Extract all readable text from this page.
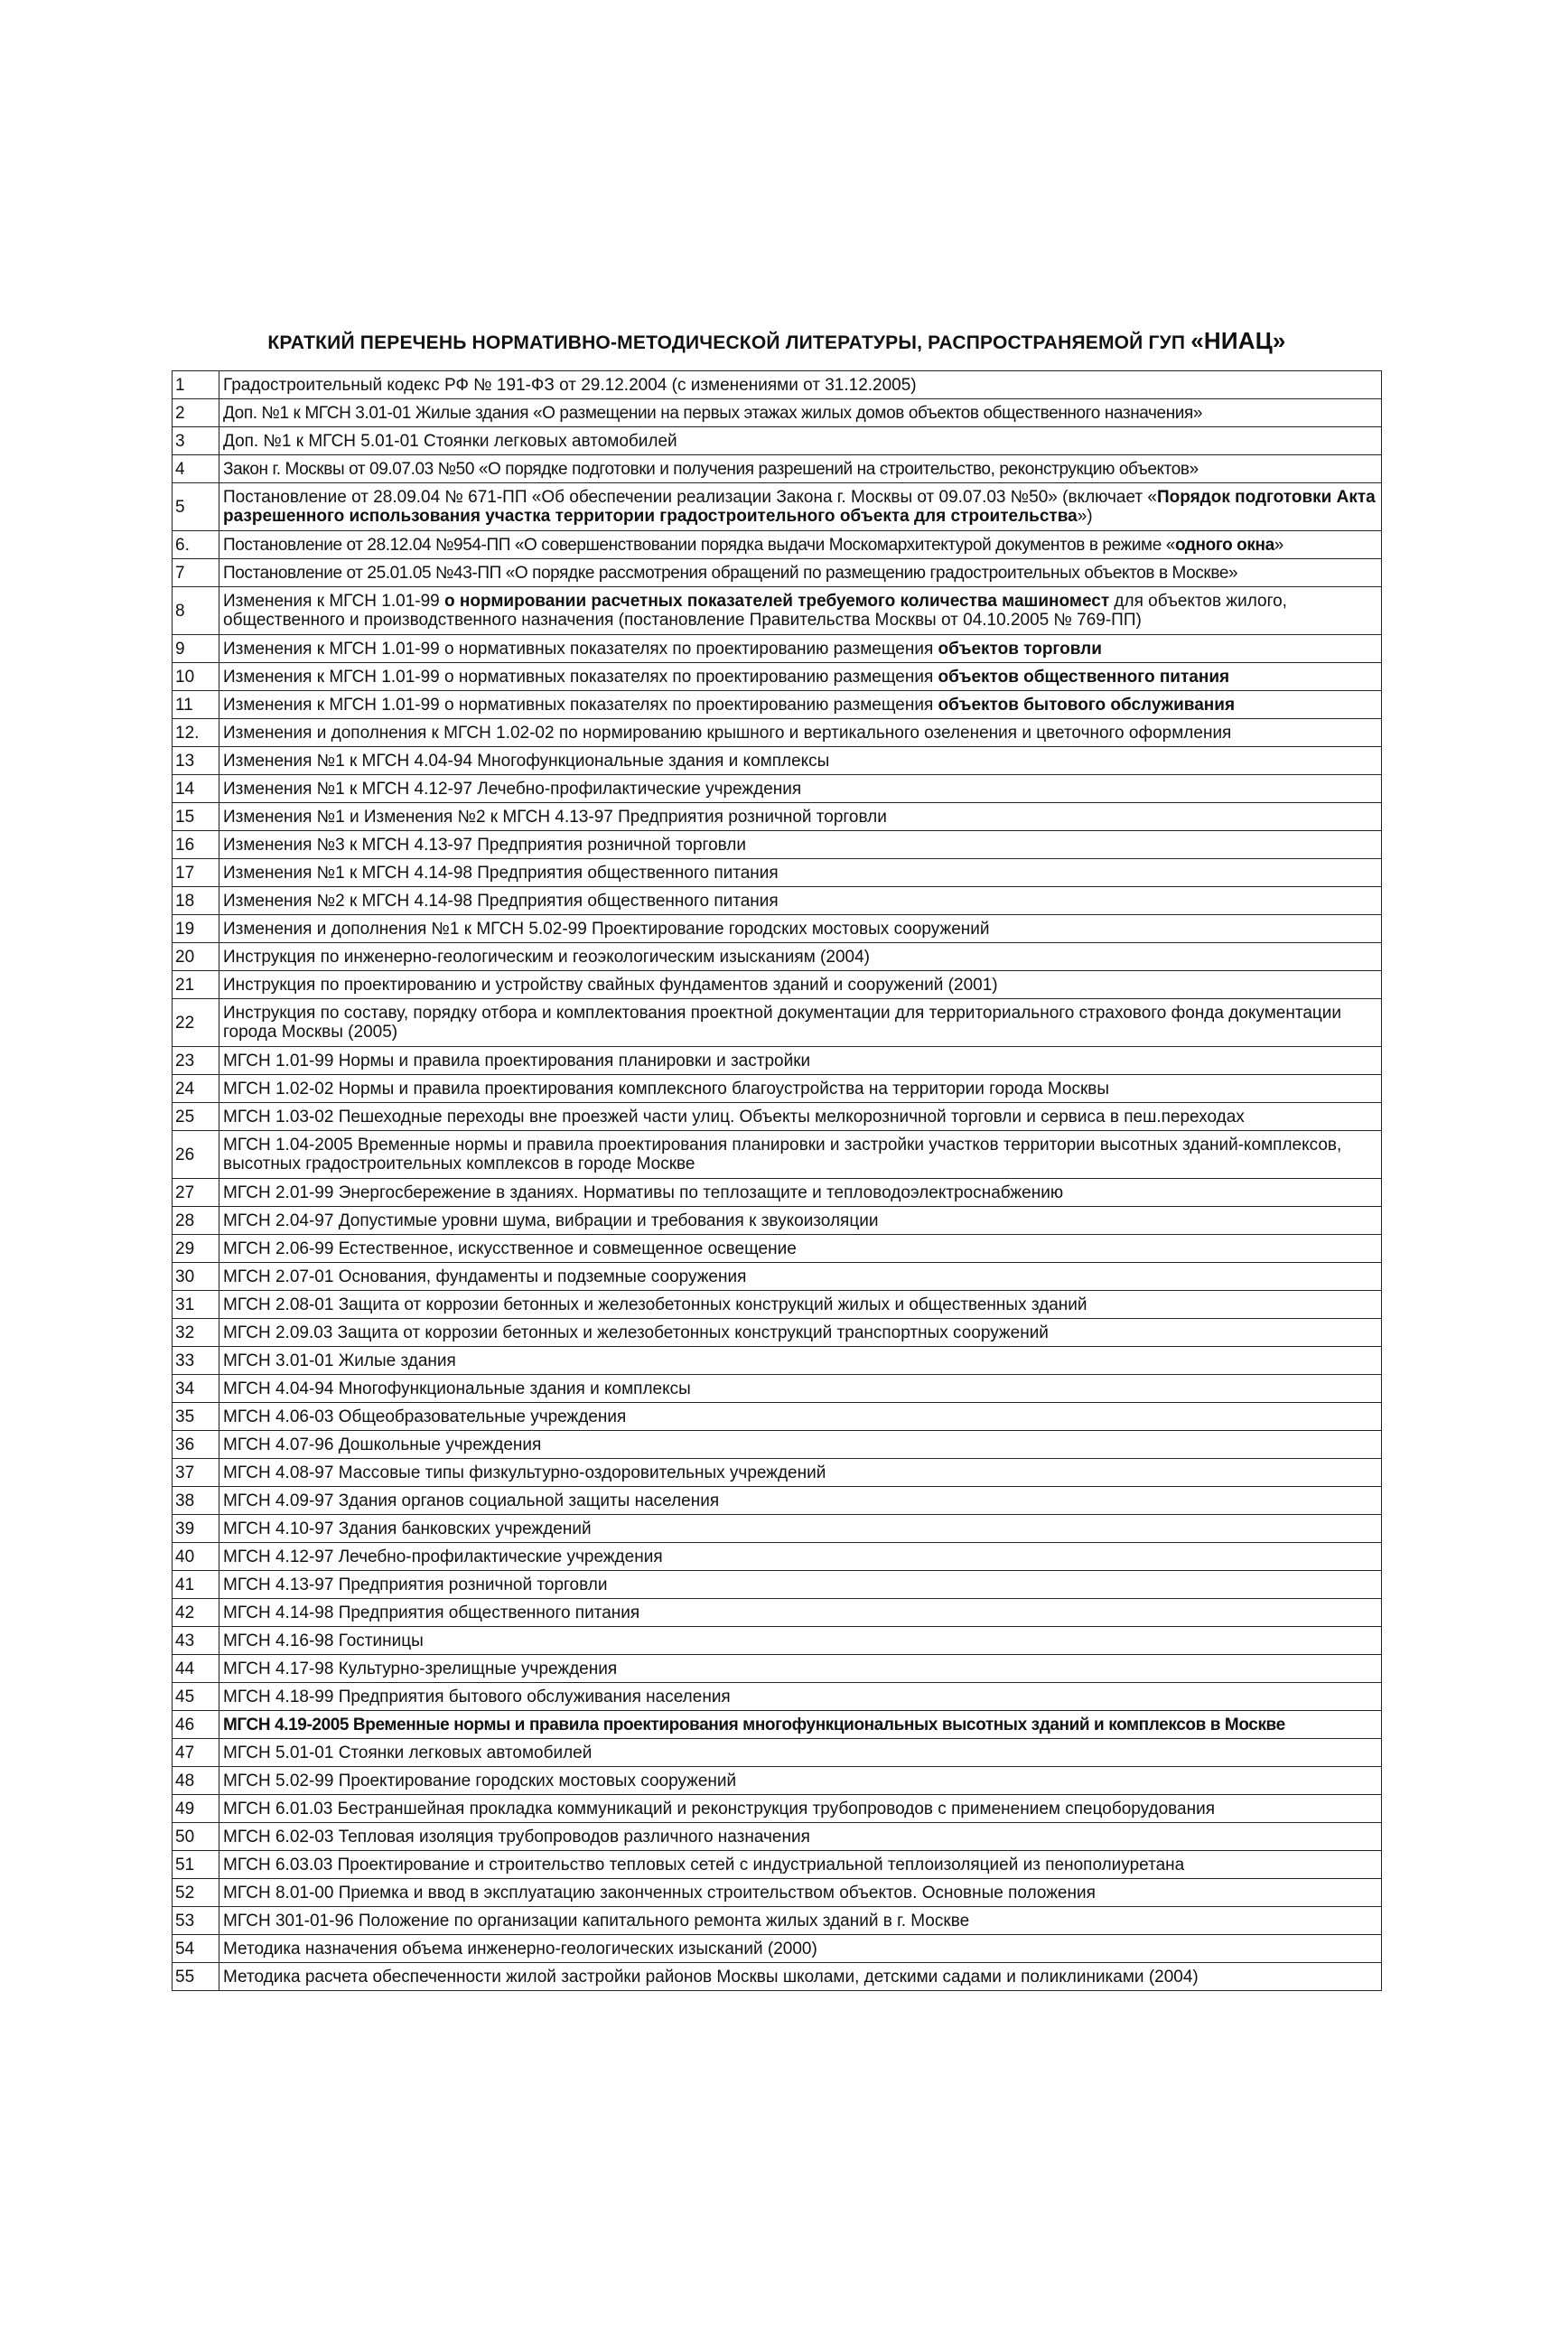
КРАТКИЙ ПЕРЕЧЕНЬ НОРМАТИВНО-МЕТОДИЧЕСКОЙ ЛИТЕРАТУРЫ, РАСПРОСТРАНЯЕМОЙ ГУП «НИАЦ»
1	Градостроительный кодекс РФ № 191-ФЗ от 29.12.2004 (с изменениями от 31.12.2005)
2	Доп. №1 к МГСН 3.01-01 Жилые здания «О размещении на первых этажах жилых домов объектов общественного назначения»
3	Доп. №1 к МГСН 5.01-01 Стоянки легковых автомобилей
4	Закон г. Москвы от 09.07.03 №50 «О порядке подготовки и получения разрешений на строительство, реконструкцию объектов»
5	Постановление от 28.09.04 № 671-ПП «Об обеспечении реализации Закона г. Москвы от 09.07.03 №50» (включает «Порядок подготовки Акта разрешенного использования участка территории градостроительного объекта для строительства»)
6.	Постановление от 28.12.04 №954-ПП «О совершенствовании порядка выдачи Москомархитектурой документов в режиме «одного окна»
7	Постановление от 25.01.05 №43-ПП «О порядке рассмотрения обращений по размещению градостроительных объектов в Москве»
8	Изменения к МГСН 1.01-99 о нормировании расчетных показателей требуемого количества машиномест для объектов жилого, общественного и производственного назначения (постановление Правительства Москвы от 04.10.2005 № 769-ПП)
9	Изменения к МГСН 1.01-99 о нормативных показателях по проектированию размещения объектов торговли
10	Изменения к МГСН 1.01-99 о нормативных показателях по проектированию размещения объектов общественного питания
11	Изменения к МГСН 1.01-99 о нормативных показателях по проектированию размещения объектов бытового обслуживания
12.	Изменения и дополнения к МГСН 1.02-02 по нормированию крышного и вертикального озеленения и цветочного оформления
13	Изменения №1 к МГСН 4.04-94 Многофункциональные здания и комплексы
14	Изменения №1 к МГСН 4.12-97 Лечебно-профилактические учреждения
15	Изменения №1 и Изменения №2 к МГСН 4.13-97 Предприятия розничной торговли
16	Изменения №3 к МГСН 4.13-97 Предприятия розничной торговли
17	Изменения №1 к МГСН 4.14-98 Предприятия общественного питания
18	Изменения №2 к МГСН 4.14-98 Предприятия общественного питания
19	Изменения и дополнения №1 к МГСН 5.02-99 Проектирование городских мостовых сооружений
20	Инструкция по инженерно-геологическим и геоэкологическим изысканиям (2004)
21	Инструкция по проектированию и устройству свайных фундаментов зданий и сооружений (2001)
22	Инструкция по составу, порядку отбора и комплектования проектной документации для территориального страхового фонда документации города Москвы (2005)
23	МГСН 1.01-99 Нормы и правила проектирования планировки и застройки
24	МГСН 1.02-02 Нормы и правила проектирования комплексного благоустройства на территории города Москвы
25	МГСН 1.03-02 Пешеходные переходы вне проезжей части улиц. Объекты мелкорозничной торговли и сервиса в пеш.переходах
26	МГСН 1.04-2005 Временные нормы и правила проектирования планировки и застройки участков территории высотных зданий-комплексов, высотных градостроительных комплексов в городе Москве
27	МГСН 2.01-99 Энергосбережение в зданиях. Нормативы по теплозащите и тепловодоэлектроснабжению
28	МГСН 2.04-97 Допустимые уровни шума, вибрации и требования к звукоизоляции
29	МГСН 2.06-99 Естественное, искусственное и совмещенное освещение
30	МГСН 2.07-01 Основания, фундаменты и подземные сооружения
31	МГСН 2.08-01 Защита от коррозии бетонных и железобетонных конструкций жилых и общественных зданий
32	МГСН 2.09.03 Защита от коррозии бетонных и железобетонных конструкций транспортных сооружений
33	МГСН 3.01-01 Жилые здания
34	МГСН 4.04-94 Многофункциональные здания и комплексы
35	МГСН 4.06-03 Общеобразовательные учреждения
36	МГСН 4.07-96 Дошкольные учреждения
37	МГСН 4.08-97 Массовые типы физкультурно-оздоровительных учреждений
38	МГСН 4.09-97 Здания органов социальной защиты населения
39	МГСН 4.10-97 Здания банковских учреждений
40	МГСН 4.12-97 Лечебно-профилактические учреждения
41	МГСН 4.13-97 Предприятия розничной торговли
42	МГСН 4.14-98 Предприятия общественного питания
43	МГСН 4.16-98 Гостиницы
44	МГСН 4.17-98 Культурно-зрелищные учреждения
45	МГСН 4.18-99 Предприятия бытового обслуживания населения
46	МГСН 4.19-2005 Временные нормы и правила проектирования многофункциональных высотных зданий и комплексов в Москве
47	МГСН 5.01-01 Стоянки легковых автомобилей
48	МГСН 5.02-99 Проектирование городских мостовых сооружений
49	МГСН 6.01.03 Бестраншейная прокладка коммуникаций и реконструкция трубопроводов с применением спецоборудования
50	МГСН 6.02-03 Тепловая изоляция трубопроводов различного назначения
51	МГСН 6.03.03 Проектирование и строительство тепловых сетей с индустриальной теплоизоляцией из пенополиуретана
52	МГСН 8.01-00 Приемка и ввод в эксплуатацию законченных строительством объектов. Основные положения
53	МГСН 301-01-96 Положение по организации капитального ремонта жилых зданий в г. Москве
54	Методика назначения объема инженерно-геологических изысканий (2000)
55	Методика расчета обеспеченности жилой застройки районов Москвы школами, детскими садами и поликлиниками (2004)
